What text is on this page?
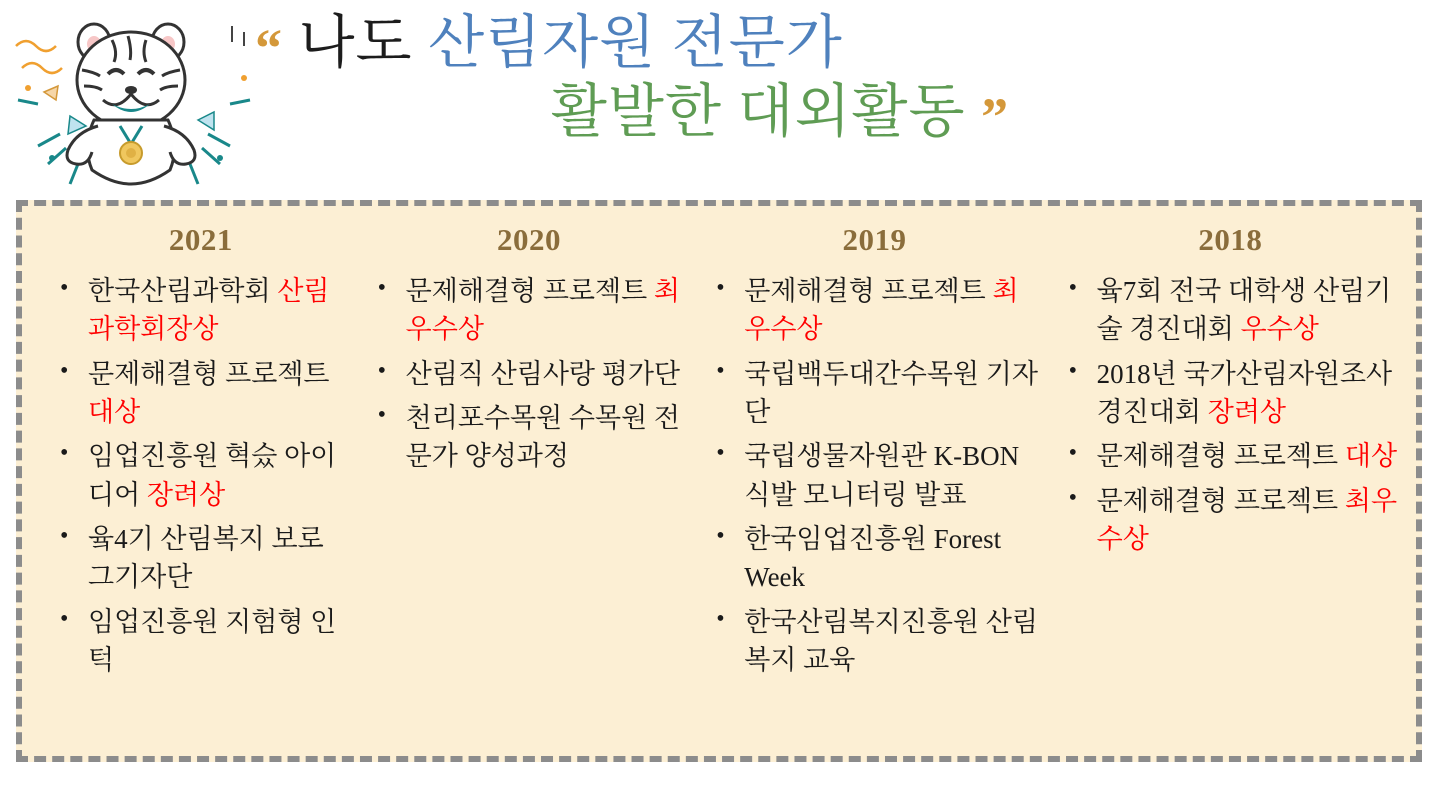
“ 나도 산림자원 전문가
활발한 대외활동 ”
2021
• 한국산림과학회 산림과학회장상
• 문제해결형 프로젝트 대상
• 임업진흥원 혁슸 아이디어 장려상
• 윸4기 산림복지 보로그기자단
• 임업진흥원 지험형 인턱
2020
• 문제해결형 프로젝트 최우수상
• 산림직 산림사랑 평가단
• 천리포수목원 수목원 전문가 양성과정
2019
• 문제해결형 프로젝트 최우수상
• 국립백두대간수목원 기자단
• 국립생물자원관 K-BON 식발 모니터링 발표
• 한국임업진흥원 Forest Week
• 한국산림복지진흥원 산림복지 교육
2018
• 윸7회 전국 대학생 산림기술 경진대회 우수상
• 2018년 국가산림자원조사 경진대회 장려상
• 문제해결형 프로젝트 대상
• 문제해결형 프로젝트 최우수상
